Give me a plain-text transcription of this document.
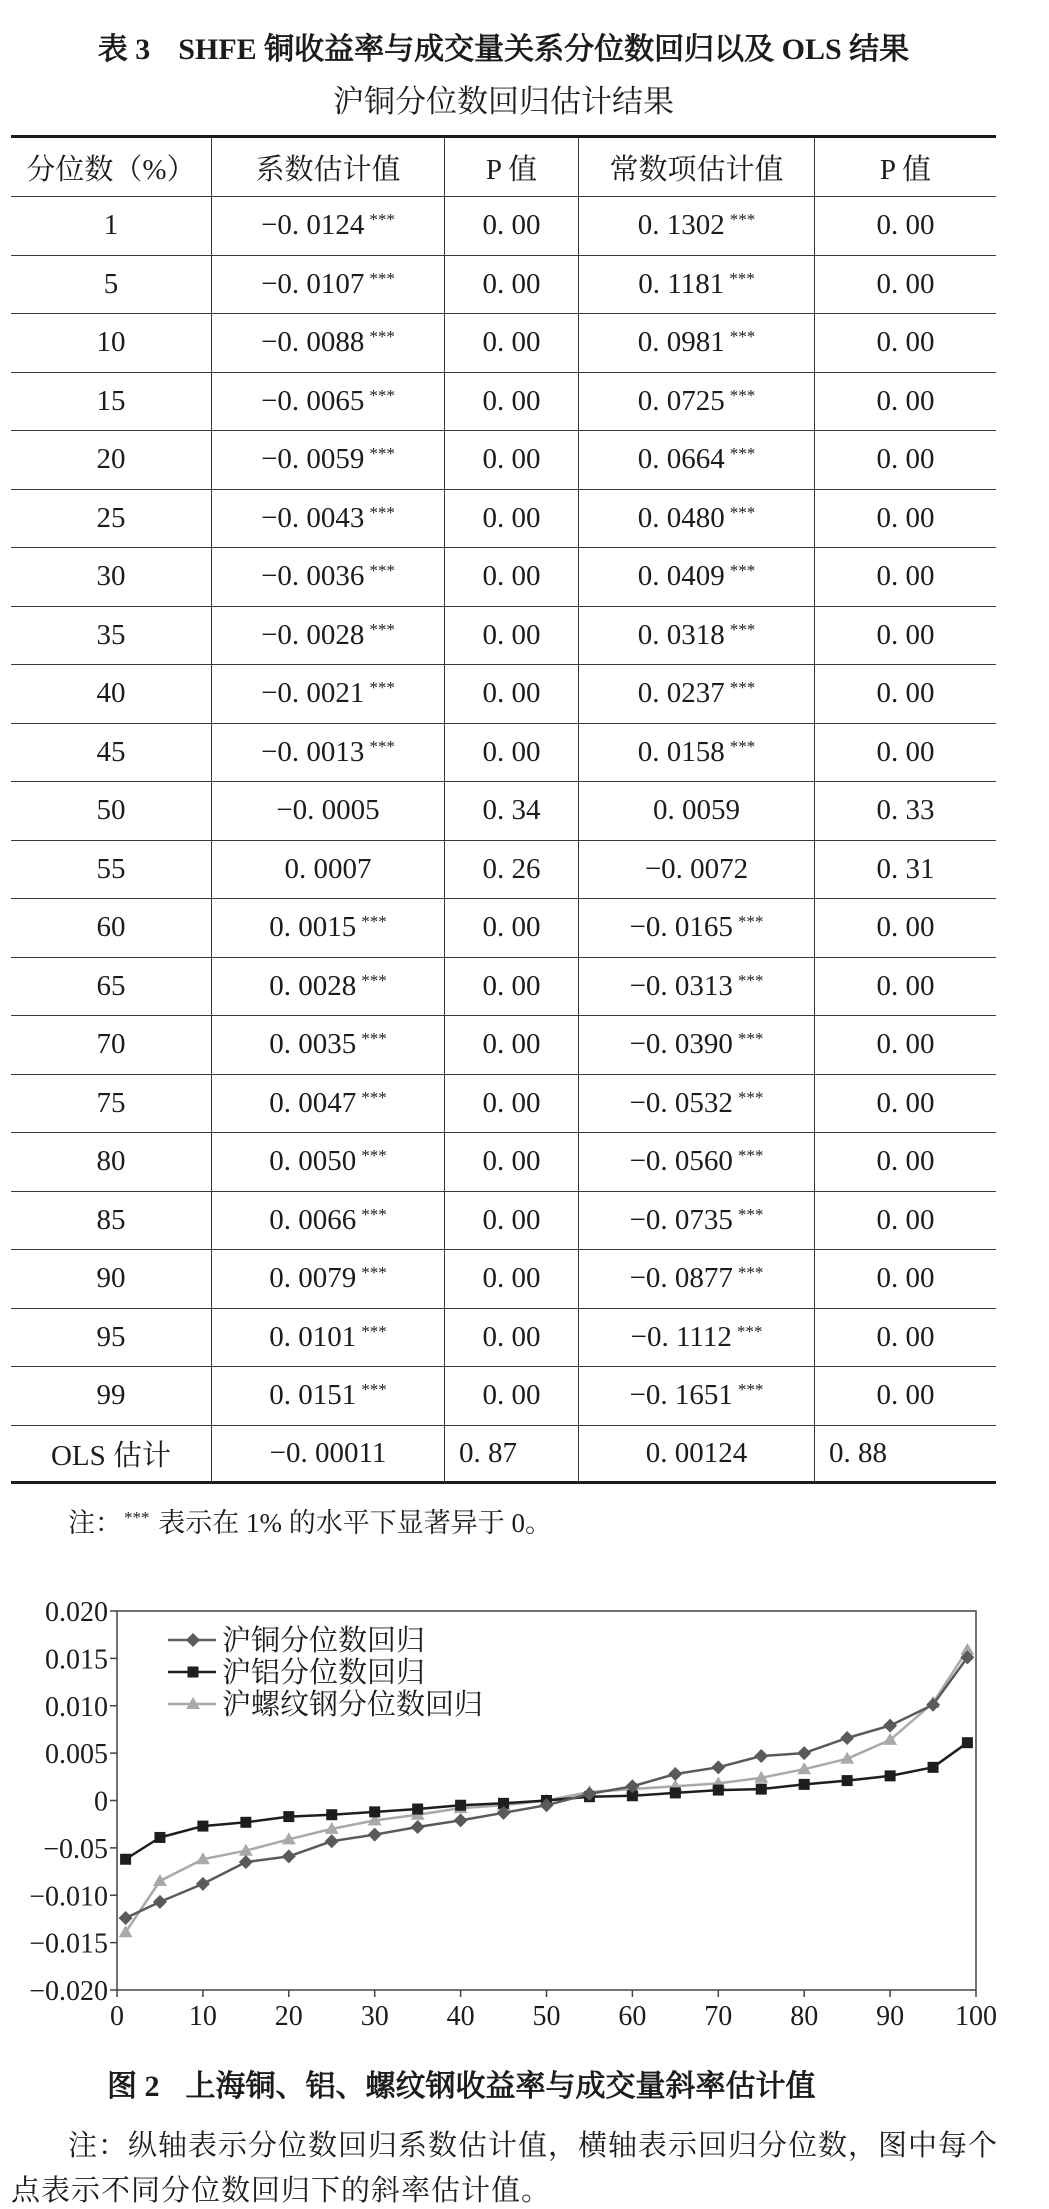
表 3 SHFE 铜收益率与成交量关系分位数回归以及 OLS 结果
沪铜分位数回归估计结果
分位数（%）	系数估计值	P 值	常数项估计值	P 值
1	−0. 0124 ***	0. 00	0. 1302 ***	0. 00
5	−0. 0107 ***	0. 00	0. 1181 ***	0. 00
10	−0. 0088 ***	0. 00	0. 0981 ***	0. 00
15	−0. 0065 ***	0. 00	0. 0725 ***	0. 00
20	−0. 0059 ***	0. 00	0. 0664 ***	0. 00
25	−0. 0043 ***	0. 00	0. 0480 ***	0. 00
30	−0. 0036 ***	0. 00	0. 0409 ***	0. 00
35	−0. 0028 ***	0. 00	0. 0318 ***	0. 00
40	−0. 0021 ***	0. 00	0. 0237 ***	0. 00
45	−0. 0013 ***	0. 00	0. 0158 ***	0. 00
50	−0. 0005	0. 34	0. 0059	0. 33
55	0. 0007	0. 26	−0. 0072	0. 31
60	0. 0015 ***	0. 00	−0. 0165 ***	0. 00
65	0. 0028 ***	0. 00	−0. 0313 ***	0. 00
70	0. 0035 ***	0. 00	−0. 0390 ***	0. 00
75	0. 0047 ***	0. 00	−0. 0532 ***	0. 00
80	0. 0050 ***	0. 00	−0. 0560 ***	0. 00
85	0. 0066 ***	0. 00	−0. 0735 ***	0. 00
90	0. 0079 ***	0. 00	−0. 0877 ***	0. 00
95	0. 0101 ***	0. 00	−0. 1112 ***	0. 00
99	0. 0151 ***	0. 00	−0. 1651 ***	0. 00
OLS 估计	−0. 00011	0. 87	0. 00124	0. 88
注： *** 表示在 1% 的水平下显著异于 0。
0.020
0.015
0.010
0.005
0
−0.05
−0.010
−0.015
−0.020
0 10 20 30 40 50 60 70 80 90 100
沪铜分位数回归
沪铝分位数回归
沪螺纹钢分位数回归
图 2 上海铜、铝、螺纹钢收益率与成交量斜率估计值
注：纵轴表示分位数回归系数估计值，横轴表示回归分位数，图中每个
点表示不同分位数回归下的斜率估计值。
